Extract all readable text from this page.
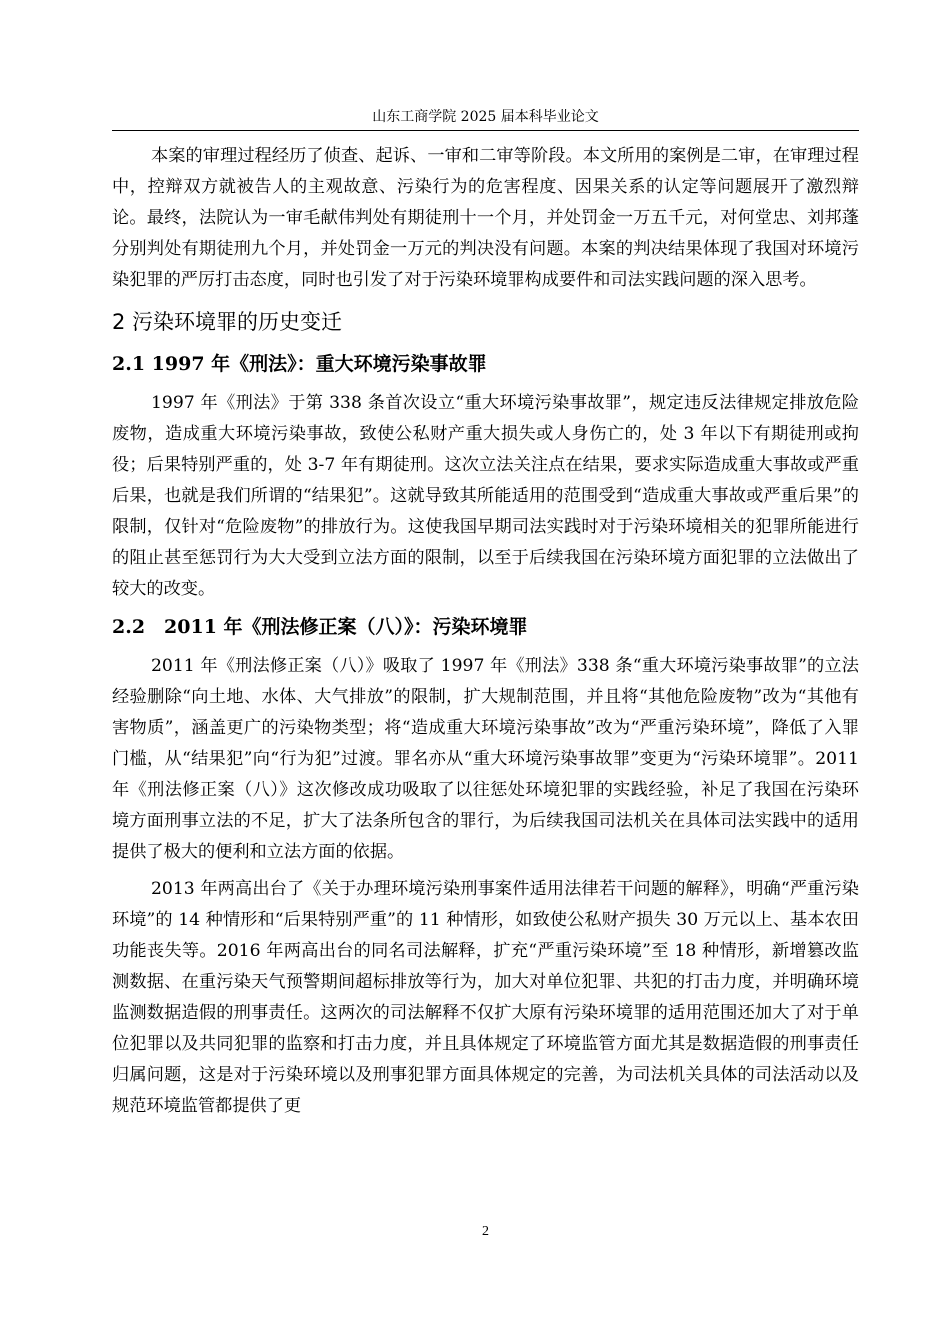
山东工商学院 2025 届本科毕业论文

本案的审理过程经历了侦查、起诉、一审和二审等阶段。本文所用的案例是二审，在审理过程中，控辩双方就被告人的主观故意、污染行为的危害程度、因果关系的认定等问题展开了激烈辩论。最终，法院认为一审毛献伟判处有期徒刑十一个月，并处罚金一万五千元，对何堂忠、刘邦蓬分别判处有期徒刑九个月，并处罚金一万元的判决没有问题。本案的判决结果体现了我国对环境污染犯罪的严厉打击态度，同时也引发了对于污染环境罪构成要件和司法实践问题的深入思考。

2 污染环境罪的历史变迁
2.1 1997 年《刑法》：重大环境污染事故罪

1997 年《刑法》于第 338 条首次设立“重大环境污染事故罪”，规定违反法律规定排放危险废物，造成重大环境污染事故，致使公私财产重大损失或人身伤亡的，处 3 年以下有期徒刑或拘役；后果特别严重的，处 3-7 年有期徒刑。这次立法关注点在结果，要求实际造成重大事故或严重后果，也就是我们所谓的“结果犯”。这就导致其所能适用的范围受到“造成重大事故或严重后果”的限制，仅针对“危险废物”的排放行为。这使我国早期司法实践时对于污染环境相关的犯罪所能进行的阻止甚至惩罚行为大大受到立法方面的限制，以至于后续我国在污染环境方面犯罪的立法做出了较大的改变。

2.2　2011 年《刑法修正案（八）》：污染环境罪

2011 年《刑法修正案（八）》吸取了 1997 年《刑法》338 条“重大环境污染事故罪”的立法经验删除“向土地、水体、大气排放”的限制，扩大规制范围，并且将“其他危险废物”改为“其他有害物质”，涵盖更广的污染物类型；将“造成重大环境污染事故”改为“严重污染环境”，降低了入罪门槛，从“结果犯”向“行为犯”过渡。罪名亦从“重大环境污染事故罪”变更为“污染环境罪”。2011 年《刑法修正案（八）》这次修改成功吸取了以往惩处环境犯罪的实践经验，补足了我国在污染环境方面刑事立法的不足，扩大了法条所包含的罪行，为后续我国司法机关在具体司法实践中的适用提供了极大的便利和立法方面的依据。

2013 年两高出台了《关于办理环境污染刑事案件适用法律若干问题的解释》，明确“严重污染环境”的 14 种情形和“后果特别严重”的 11 种情形，如致使公私财产损失 30 万元以上、基本农田功能丧失等。2016 年两高出台的同名司法解释，扩充“严重污染环境”至 18 种情形，新增篡改监测数据、在重污染天气预警期间超标排放等行为，加大对单位犯罪、共犯的打击力度，并明确环境监测数据造假的刑事责任。这两次的司法解释不仅扩大原有污染环境罪的适用范围还加大了对于单位犯罪以及共同犯罪的监察和打击力度，并且具体规定了环境监管方面尤其是数据造假的刑事责任归属问题，这是对于污染环境以及刑事犯罪方面具体规定的完善，为司法机关具体的司法活动以及规范环境监管都提供了更

2
